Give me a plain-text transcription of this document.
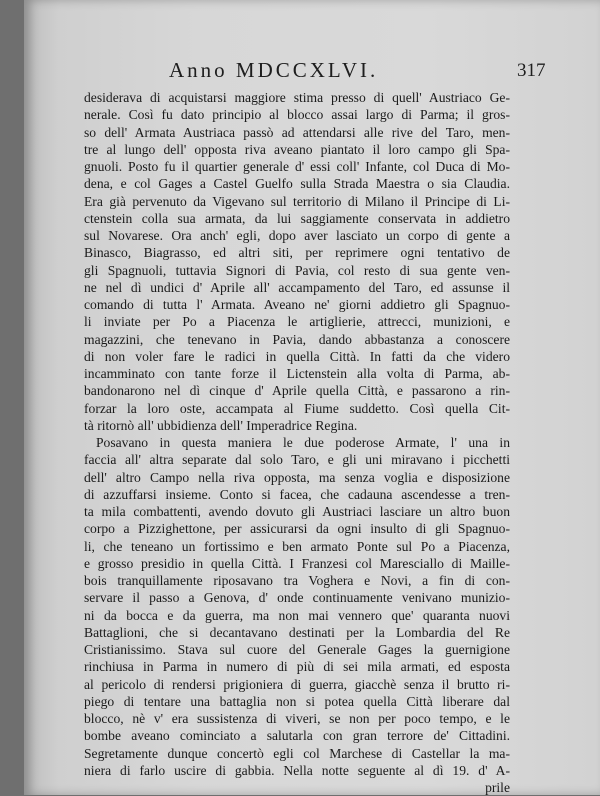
Anno MDCCXLVI.	317
desiderava di acquistarsi maggiore stima presso di quell' Austriaco Ge-
nerale. Così fu dato principio al blocco assai largo di Parma; il gros-
so dell' Armata Austriaca passò ad attendarsi alle rive del Taro, men-
tre al lungo dell' opposta riva aveano piantato il loro campo gli Spa-
gnuoli. Posto fu il quartier generale d' essi coll' Infante, col Duca di Mo-
dena, e col Gages a Castel Guelfo sulla Strada Maestra o sia Claudia.
Era già pervenuto da Vigevano sul territorio di Milano il Principe di Li-
ctenstein colla sua armata, da lui saggiamente conservata in addietro
sul Novarese. Ora anch' egli, dopo aver lasciato un corpo di gente a
Binasco, Biagrasso, ed altri siti, per reprimere ogni tentativo de
gli Spagnuoli, tuttavia Signori di Pavia, col resto di sua gente ven-
ne nel dì undici d' Aprile all' accampamento del Taro, ed assunse il
comando di tutta l' Armata. Aveano ne' giorni addietro gli Spagnuo-
li inviate per Po a Piacenza le artiglierie, attrecci, munizioni, e
magazzini, che tenevano in Pavia, dando abbastanza a conoscere
di non voler fare le radici in quella Città. In fatti da che videro
incamminato con tante forze il Lictenstein alla volta di Parma, ab-
bandonarono nel dì cinque d' Aprile quella Città, e passarono a rin-
forzar la loro oste, accampata al Fiume suddetto. Così quella Cit-
tà ritornò all' ubbidienza dell' Imperadrice Regina.
Posavano in questa maniera le due poderose Armate, l' una in
faccia all' altra separate dal solo Taro, e gli uni miravano i picchetti
dell' altro Campo nella riva opposta, ma senza voglia e disposizione
di azzuffarsi insieme. Conto si facea, che cadauna ascendesse a tren-
ta mila combattenti, avendo dovuto gli Austriaci lasciare un altro buon
corpo a Pizzighettone, per assicurarsi da ogni insulto di gli Spagnuo-
li, che teneano un fortissimo e ben armato Ponte sul Po a Piacenza,
e grosso presidio in quella Città. I Franzesi col Maresciallo di Maille-
bois tranquillamente riposavano tra Voghera e Novi, a fin di con-
servare il passo a Genova, d' onde continuamente venivano munizio-
ni da bocca e da guerra, ma non mai vennero que' quaranta nuovi
Battaglioni, che si decantavano destinati per la Lombardia del Re
Cristianissimo. Stava sul cuore del Generale Gages la guernigione
rinchiusa in Parma in numero di più di sei mila armati, ed esposta
al pericolo di rendersi prigioniera di guerra, giacchè senza il brutto ri-
piego di tentare una battaglia non si potea quella Città liberare dal
blocco, nè v' era sussistenza di viveri, se non per poco tempo, e le
bombe aveano cominciato a salutarla con gran terrore de' Cittadini.
Segretamente dunque concertò egli col Marchese di Castellar la ma-
niera di farlo uscire di gabbia. Nella notte seguente al dì 19. d' A-
prile
